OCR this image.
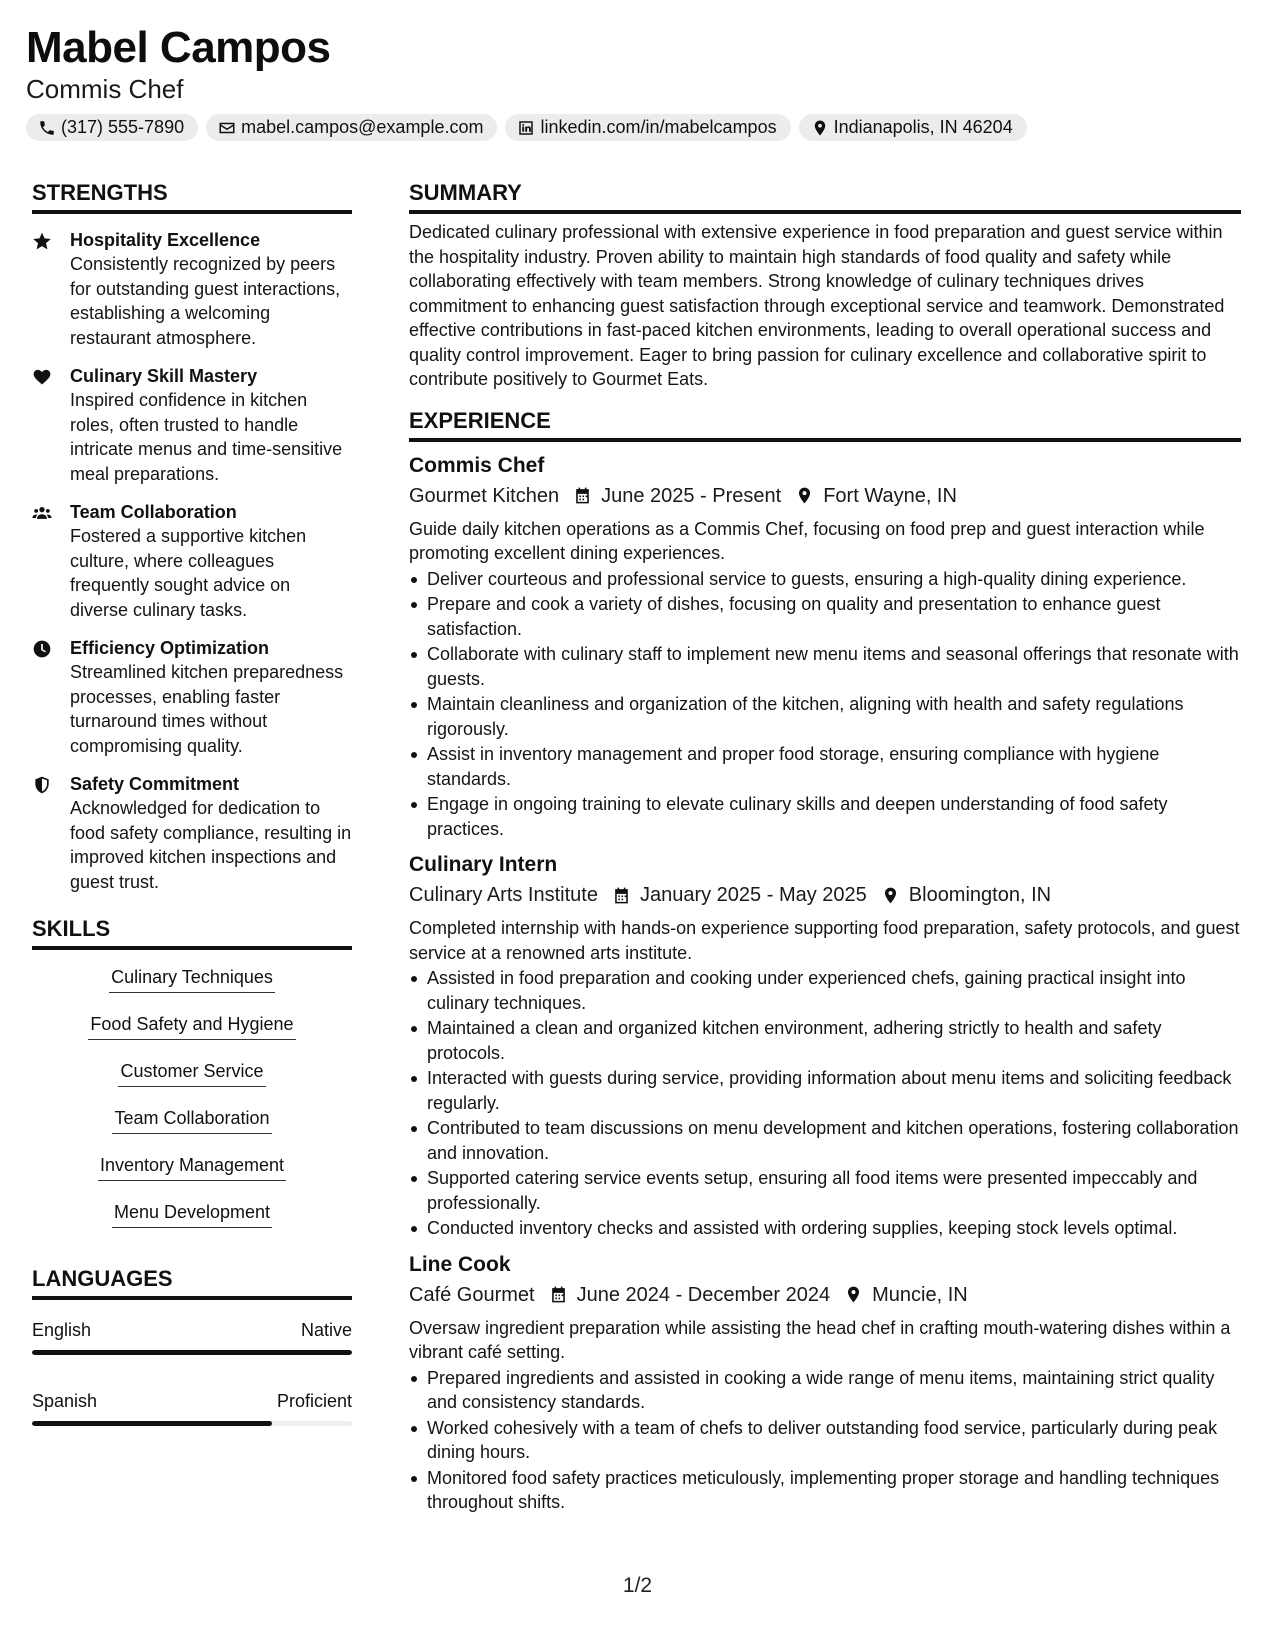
Mabel Campos
Commis Chef
(317) 555-7890	mabel.campos@example.com	linkedin.com/in/mabelcampos	Indianapolis, IN 46204
STRENGTHS
Hospitality Excellence
Consistently recognized by peers for outstanding guest interactions, establishing a welcoming restaurant atmosphere.
Culinary Skill Mastery
Inspired confidence in kitchen roles, often trusted to handle intricate menus and time-sensitive meal preparations.
Team Collaboration
Fostered a supportive kitchen culture, where colleagues frequently sought advice on diverse culinary tasks.
Efficiency Optimization
Streamlined kitchen preparedness processes, enabling faster turnaround times without compromising quality.
Safety Commitment
Acknowledged for dedication to food safety compliance, resulting in improved kitchen inspections and guest trust.
SKILLS
Culinary Techniques
Food Safety and Hygiene
Customer Service
Team Collaboration
Inventory Management
Menu Development
LANGUAGES
English	Native
Spanish	Proficient
SUMMARY
Dedicated culinary professional with extensive experience in food preparation and guest service within the hospitality industry. Proven ability to maintain high standards of food quality and safety while collaborating effectively with team members. Strong knowledge of culinary techniques drives commitment to enhancing guest satisfaction through exceptional service and teamwork. Demonstrated effective contributions in fast-paced kitchen environments, leading to overall operational success and quality control improvement. Eager to bring passion for culinary excellence and collaborative spirit to contribute positively to Gourmet Eats.
EXPERIENCE
Commis Chef
Gourmet Kitchen June 2025 - Present Fort Wayne, IN
Guide daily kitchen operations as a Commis Chef, focusing on food prep and guest interaction while promoting excellent dining experiences.
Deliver courteous and professional service to guests, ensuring a high-quality dining experience.
Prepare and cook a variety of dishes, focusing on quality and presentation to enhance guest satisfaction.
Collaborate with culinary staff to implement new menu items and seasonal offerings that resonate with guests.
Maintain cleanliness and organization of the kitchen, aligning with health and safety regulations rigorously.
Assist in inventory management and proper food storage, ensuring compliance with hygiene standards.
Engage in ongoing training to elevate culinary skills and deepen understanding of food safety practices.
Culinary Intern
Culinary Arts Institute January 2025 - May 2025 Bloomington, IN
Completed internship with hands-on experience supporting food preparation, safety protocols, and guest service at a renowned arts institute.
Assisted in food preparation and cooking under experienced chefs, gaining practical insight into culinary techniques.
Maintained a clean and organized kitchen environment, adhering strictly to health and safety protocols.
Interacted with guests during service, providing information about menu items and soliciting feedback regularly.
Contributed to team discussions on menu development and kitchen operations, fostering collaboration and innovation.
Supported catering service events setup, ensuring all food items were presented impeccably and professionally.
Conducted inventory checks and assisted with ordering supplies, keeping stock levels optimal.
Line Cook
Café Gourmet June 2024 - December 2024 Muncie, IN
Oversaw ingredient preparation while assisting the head chef in crafting mouth-watering dishes within a vibrant café setting.
Prepared ingredients and assisted in cooking a wide range of menu items, maintaining strict quality and consistency standards.
Worked cohesively with a team of chefs to deliver outstanding food service, particularly during peak dining hours.
Monitored food safety practices meticulously, implementing proper storage and handling techniques throughout shifts.
1/2
